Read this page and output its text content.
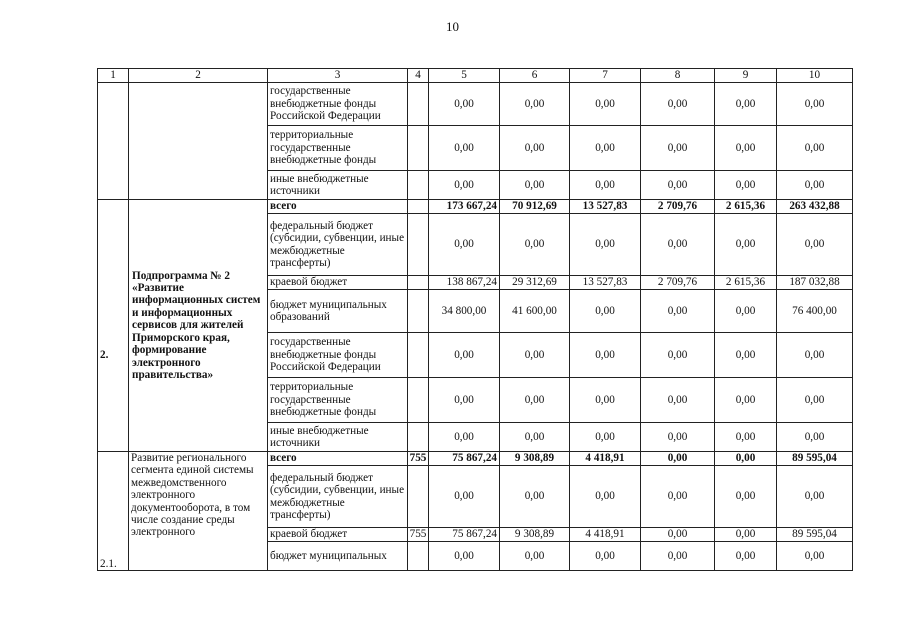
10
1	2	3	4	5	6	7	8	9	10
		государственные внебюджетные фонды Российской Федерации		0,00	0,00	0,00	0,00	0,00	0,00
		территориальные государственные внебюджетные фонды		0,00	0,00	0,00	0,00	0,00	0,00
		иные внебюджетные источники		0,00	0,00	0,00	0,00	0,00	0,00
2.	Подпрограмма № 2 «Развитие информационных систем и информационных сервисов для жителей Приморского края, формирование электронного правительства»	всего		173 667,24	70 912,69	13 527,83	2 709,76	2 615,36	263 432,88
		федеральный бюджет (субсидии, субвенции, иные межбюджетные трансферты)		0,00	0,00	0,00	0,00	0,00	0,00
		краевой бюджет		138 867,24	29 312,69	13 527,83	2 709,76	2 615,36	187 032,88
		бюджет муниципальных образований		34 800,00	41 600,00	0,00	0,00	0,00	76 400,00
		государственные внебюджетные фонды Российской Федерации		0,00	0,00	0,00	0,00	0,00	0,00
		территориальные государственные внебюджетные фонды		0,00	0,00	0,00	0,00	0,00	0,00
		иные внебюджетные источники		0,00	0,00	0,00	0,00	0,00	0,00
2.1.	Развитие регионального сегмента единой системы межведомственного электронного документооборота, в том числе создание среды электронного	всего	755	75 867,24	9 308,89	4 418,91	0,00	0,00	89 595,04
		федеральный бюджет (субсидии, субвенции, иные межбюджетные трансферты)		0,00	0,00	0,00	0,00	0,00	0,00
		краевой бюджет	755	75 867,24	9 308,89	4 418,91	0,00	0,00	89 595,04
		бюджет муниципальных		0,00	0,00	0,00	0,00	0,00	0,00
